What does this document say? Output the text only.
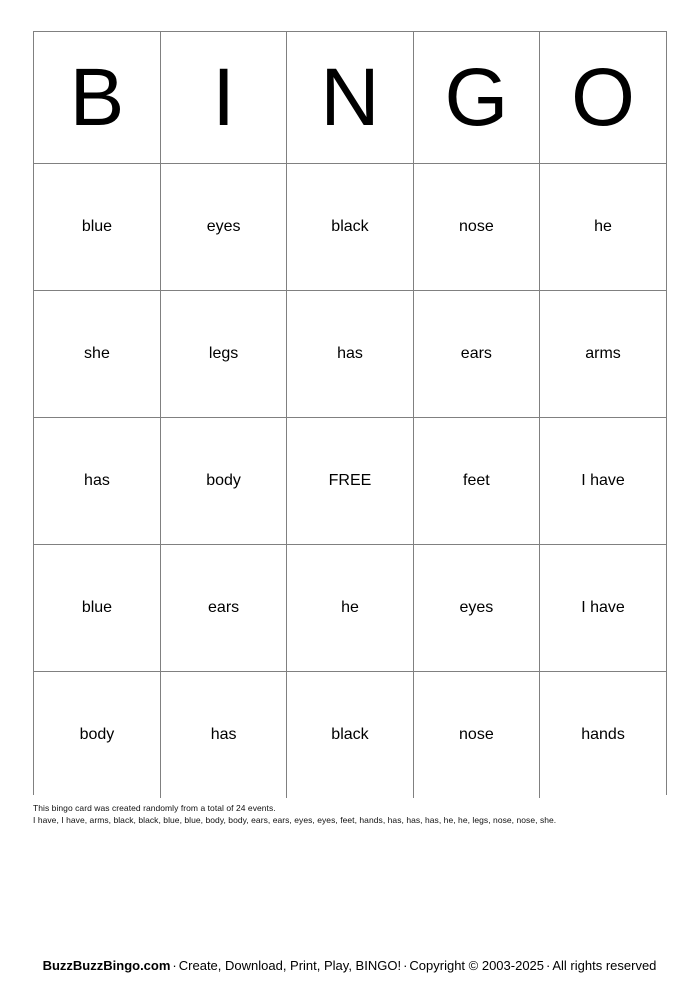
B	I	N	G	O
blue	eyes	black	nose	he
she	legs	has	ears	arms
has	body	FREE	feet	I have
blue	ears	he	eyes	I have
body	has	black	nose	hands
This bingo card was created randomly from a total of 24 events.
I have, I have, arms, black, black, blue, blue, body, body, ears, ears, eyes, eyes, feet, hands, has, has, has, he, he, legs, nose, nose, she.
BuzzBuzzBingo.com · Create, Download, Print, Play, BINGO! · Copyright © 2003-2025 · All rights reserved
